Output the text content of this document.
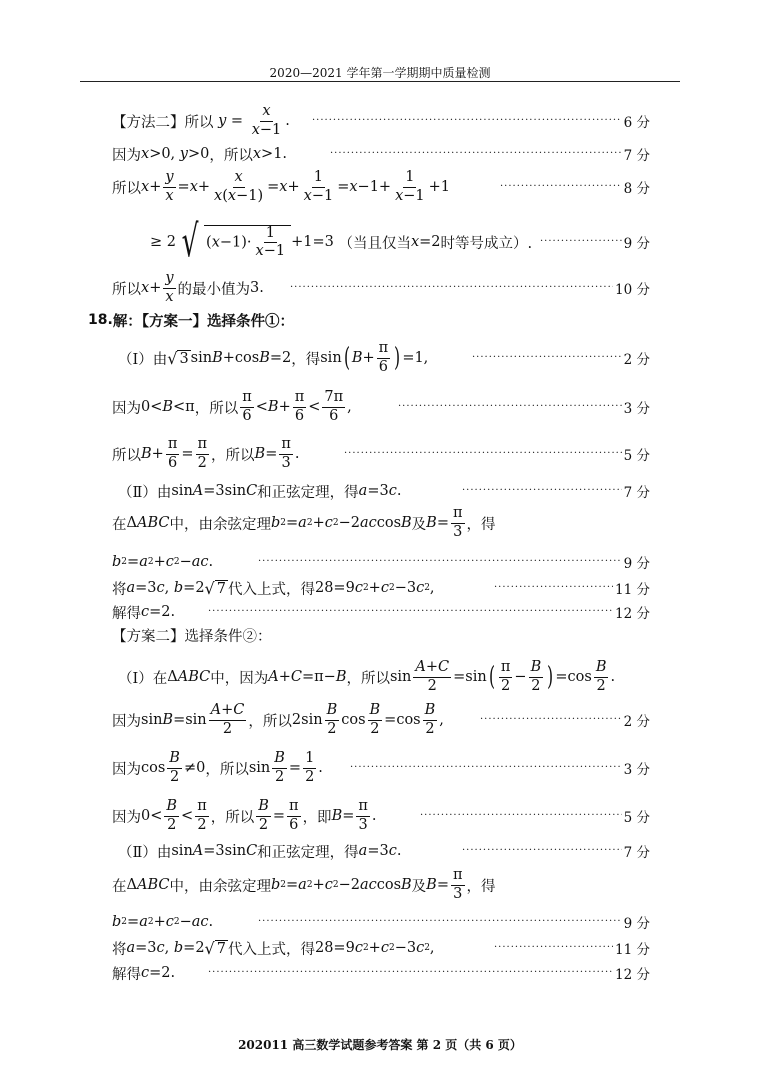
2020—2021 学年第一学期期中质量检测
【方法二】所以
$y = \frac{x}{x-1}$ . ·····	6 分
因为 x >0, y >0 ，所以 x >1. ·····	7 分
所以 $x + \frac{y}{x} = x + \frac{x}{x(x-1)} = x + \frac{1}{x-1} = x -1+ \frac{1}{x-1} +1$ ·····	8 分
≥ 2 √ $(x-1)\cdot \frac{1}{x-1} +1=3$ （当且仅当 x =2 时等号成立）. ·····	9 分
所以 $x + \frac{y}{x}$ 的最小值为 3. ·····	10 分
18. 解：【方案一】选择条件①：
（Ⅰ）由 √ 3 sin B +cos B =2 ，得 sin ( $B + \frac{\pi}{6}$ ) =1, ·····	2 分
因为 0< B <π ，所以 $\frac{\pi}{6} < B + \frac{\pi}{6} < \frac{7\pi}{6}$ , ·····	3 分
所以 $B + \frac{\pi}{6} = \frac{\pi}{2}$ ，所以 $B = \frac{\pi}{3}$ . ·····	5 分
（Ⅱ）由 sin A =3sin C 和正弦定理，得 a =3 c . ·····	7 分
在 Δ ABC 中，由余弦定理 b 2 = a 2 + c 2 −2 ac cos B 及 $B = \frac{\pi}{3}$ ，得
b 2 = a 2 + c 2 − ac . ·····	9 分
将 a =3 c , b =2 √ 7 代入上式，得 28=9 c 2 + c 2 −3 c 2 , ·····	11 分
解得 c =2. ·····	12 分
【方案二】选择条件②：
（Ⅰ）在 Δ ABC 中，因为 A + C =π− B ，所以 $\sin \frac{A+C}{2} =\sin$ ( $\frac{\pi}{2} - \frac{B}{2}$ ) $=\cos \frac{B}{2}$ .
因为 $\sin B =\sin \frac{A+C}{2}$ ，所以 $2\sin \frac{B}{2}$ $\cos \frac{B}{2} =\cos \frac{B}{2}$ , ·····	2 分
因为 $\cos \frac{B}{2} \ne 0$ ，所以 $\sin \frac{B}{2} = \frac{1}{2}$ . ·····	3 分
因为 $0< \frac{B}{2} < \frac{\pi}{2}$ ，所以 $\frac{B}{2} = \frac{\pi}{6}$ ，即 $B = \frac{\pi}{3}$ . ·····	5 分
（Ⅱ）由 sin A =3sin C 和正弦定理，得 a =3 c . ·····	7 分
在 Δ ABC 中，由余弦定理 b 2 = a 2 + c 2 −2 ac cos B 及 $B = \frac{\pi}{3}$ ，得
b 2 = a 2 + c 2 − ac . ·····	9 分
将 a =3 c , b =2 √ 7 代入上式，得 28=9 c 2 + c 2 −3 c 2 , ·····	11 分
解得 c =2. ·····	12 分
202011 高三数学试题参考答案 第 2 页（共 6 页）
